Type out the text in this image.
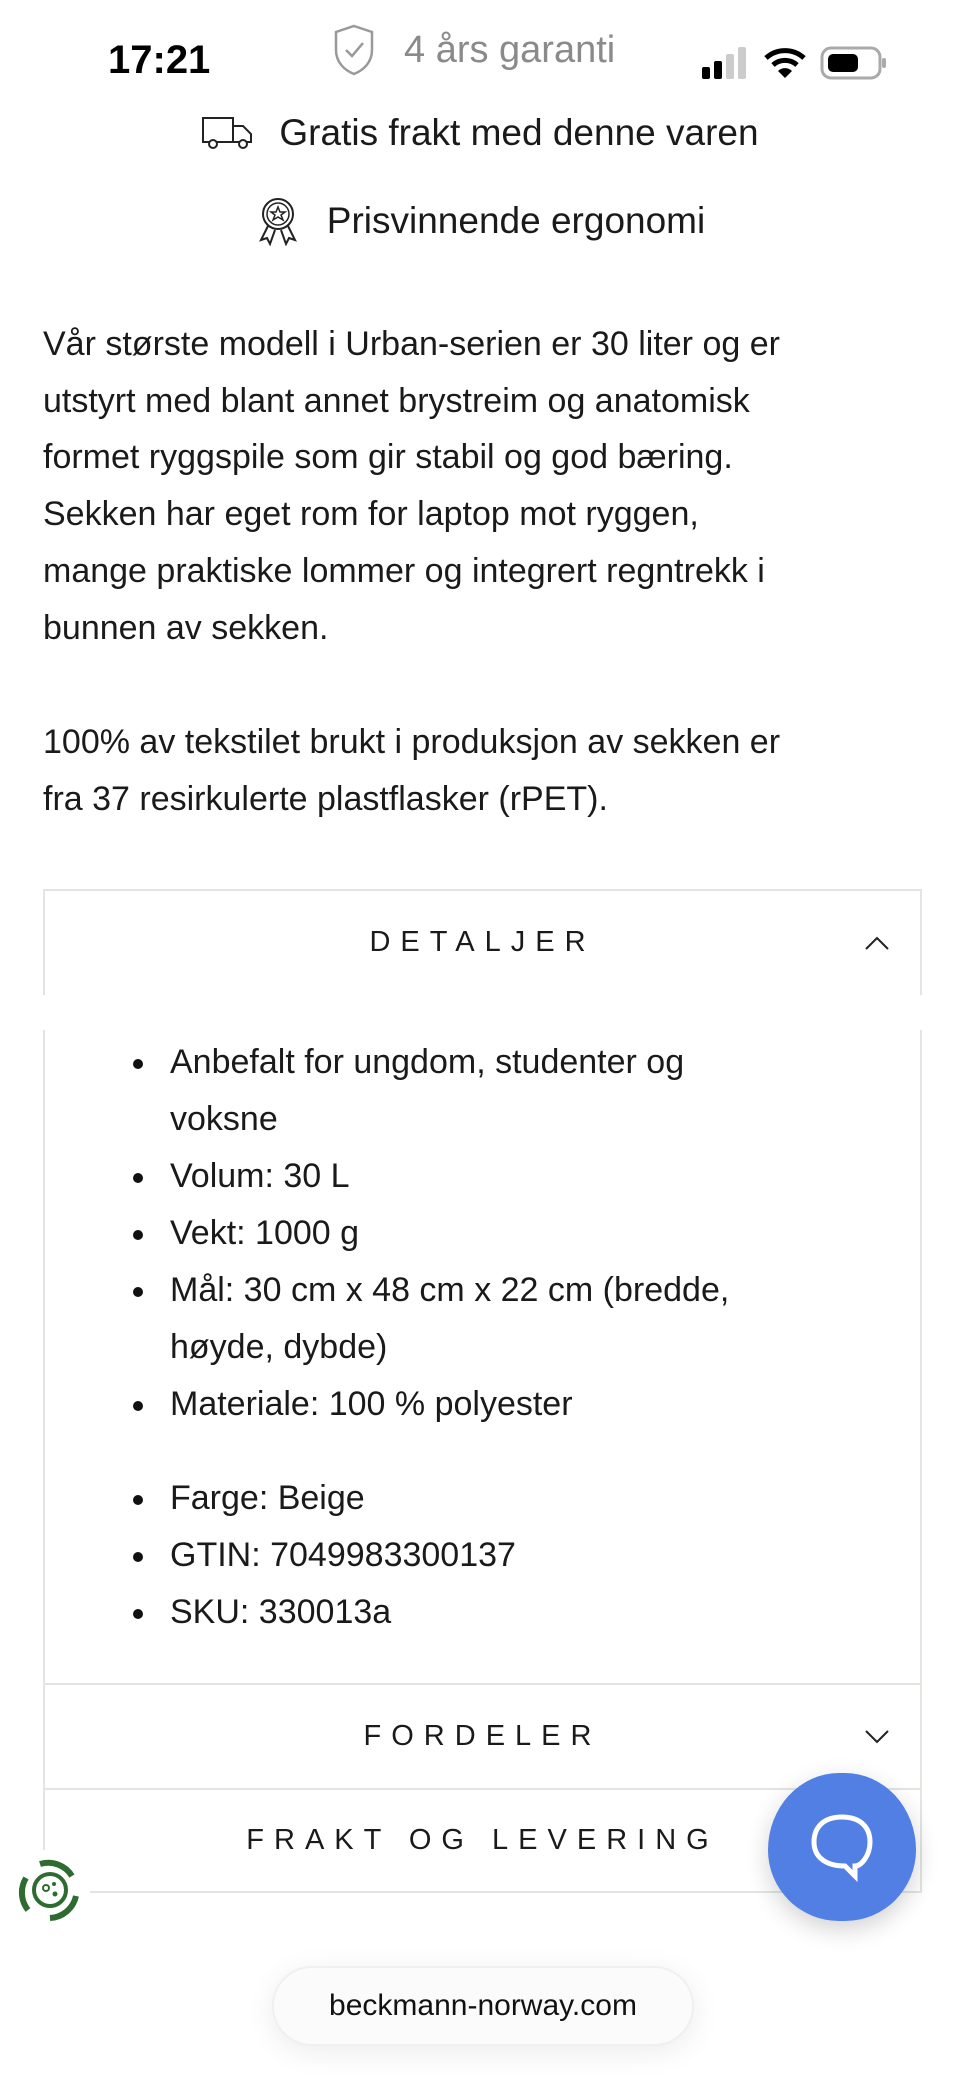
17:21	4 års garanti
Gratis frakt med denne varen
Prisvinnende ergonomi
Vår største modell i Urban-serien er 30 liter og er
utstyrt med blant annet brystreim og anatomisk
formet ryggspile som gir stabil og god bæring.
Sekken har eget rom for laptop mot ryggen,
mange praktiske lommer og integrert regntrekk i
bunnen av sekken.
100% av tekstilet brukt i produksjon av sekken er
fra 37 resirkulerte plastflasker (rPET).
DETALJER
Anbefalt for ungdom, studenter og
voksne
Volum: 30 L
Vekt: 1000 g
Mål: 30 cm x 48 cm x 22 cm (bredde,
høyde, dybde)
Materiale: 100 % polyester
Farge: Beige
GTIN: 7049983300137
SKU: 330013a
FORDELER
FRAKT OG LEVERING
beckmann-norway.com
